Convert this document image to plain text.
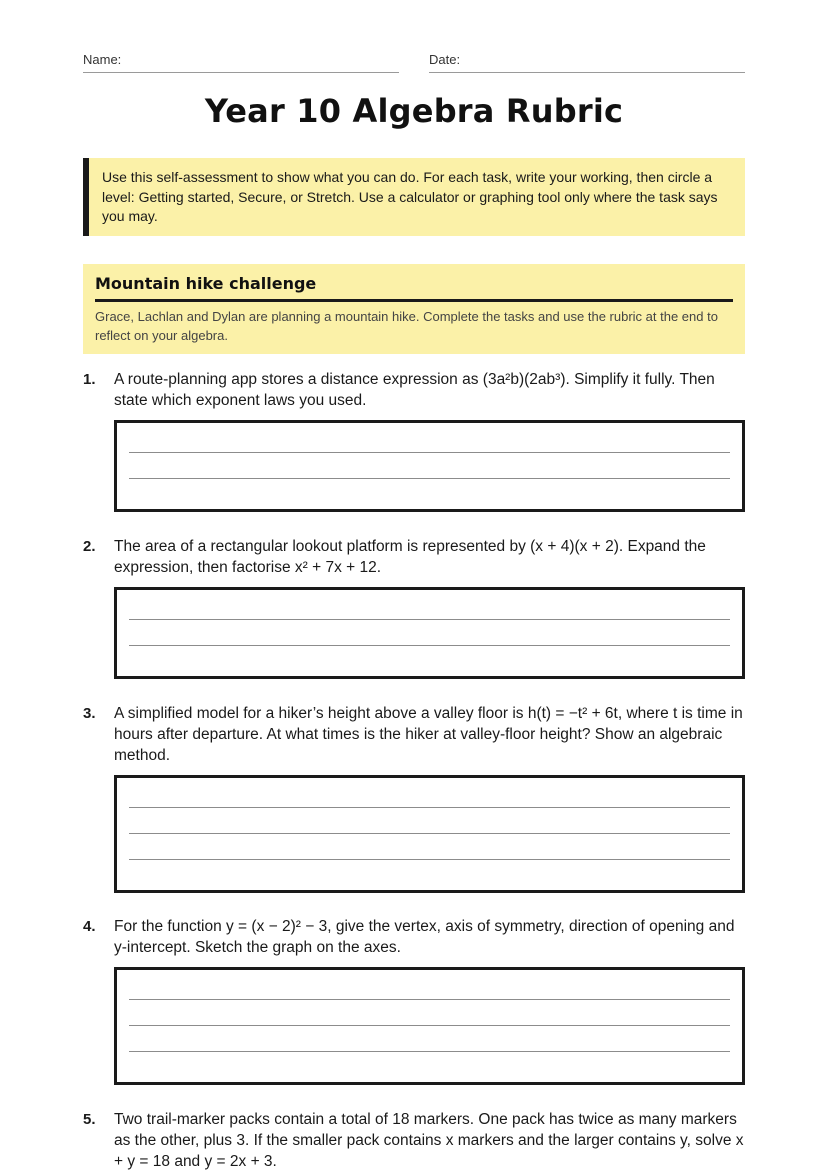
Name:	Date:
Year 10 Algebra Rubric
Use this self-assessment to show what you can do. For each task, write your working, then circle a level: Getting started, Secure, or Stretch. Use a calculator or graphing tool only where the task says you may.
Mountain hike challenge
Grace, Lachlan and Dylan are planning a mountain hike. Complete the tasks and use the rubric at the end to reflect on your algebra.
1. A route-planning app stores a distance expression as (3a²b)(2ab³). Simplify it fully. Then state which exponent laws you used.
2. The area of a rectangular lookout platform is represented by (x + 4)(x + 2). Expand the expression, then factorise x² + 7x + 12.
3. A simplified model for a hiker’s height above a valley floor is h(t) = −t² + 6t, where t is time in hours after departure. At what times is the hiker at valley-floor height? Show an algebraic method.
4. For the function y = (x − 2)² − 3, give the vertex, axis of symmetry, direction of opening and y-intercept. Sketch the graph on the axes.
5. Two trail-marker packs contain a total of 18 markers. One pack has twice as many markers as the other, plus 3. If the smaller pack contains x markers and the larger contains y, solve x + y = 18 and y = 2x + 3.
